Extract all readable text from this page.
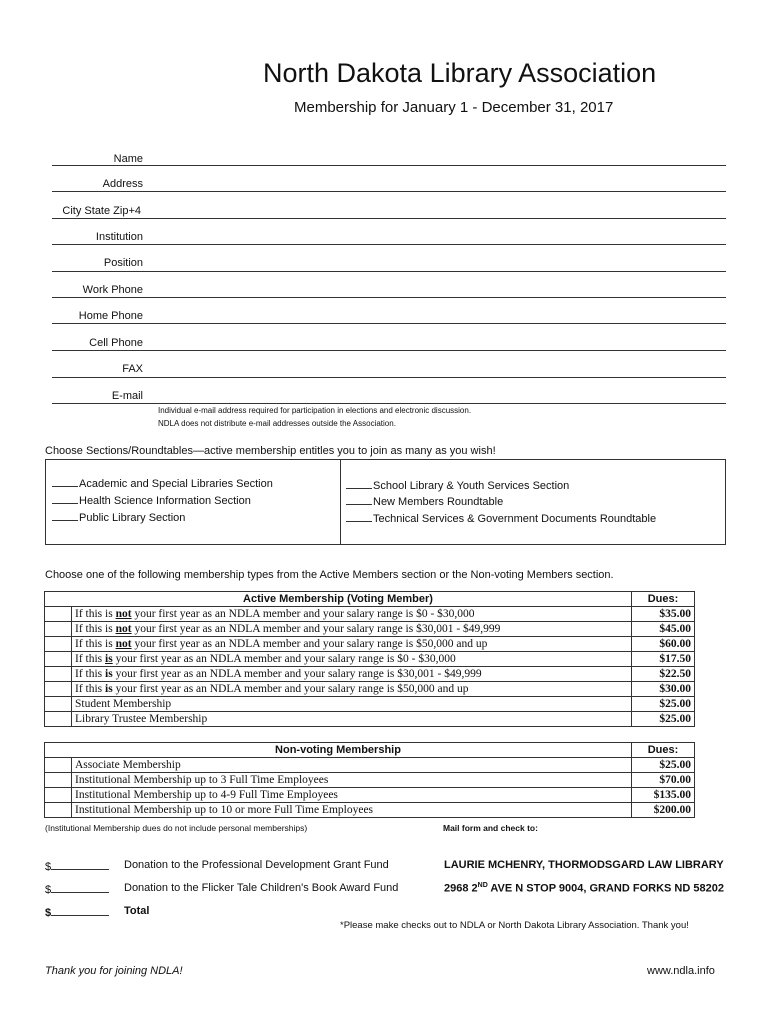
North Dakota Library Association
Membership for January 1 - December 31, 2017
Name
Address
City State Zip+4
Institution
Position
Work Phone
Home Phone
Cell Phone
FAX
E-mail
Individual e-mail address required for participation in elections and electronic discussion.
NDLA does not distribute e-mail addresses outside the Association.
Choose Sections/Roundtables—active membership entitles you to join as many as you wish!
Academic and Special Libraries Section
Health Science Information Section
Public Library Section
School Library & Youth Services Section
New Members Roundtable
Technical Services & Government Documents Roundtable
Choose one of the following membership types from the Active Members section or the Non-voting Members section.
Active Membership (Voting Member)		Dues:
	If this is not your first year as an NDLA member and your salary range is $0 - $30,000	$35.00
	If this is not your first year as an NDLA member and your salary range is $30,001 - $49,999	$45.00
	If this is not your first year as an NDLA member and your salary range is $50,000 and up	$60.00
	If this is your first year as an NDLA member and your salary range is $0 - $30,000	$17.50
	If this is your first year as an NDLA member and your salary range is $30,001 - $49,999	$22.50
	If this is your first year as an NDLA member and your salary range is $50,000 and up	$30.00
	Student Membership	$25.00
	Library Trustee Membership	$25.00
Non-voting Membership		Dues:
	Associate Membership	$25.00
	Institutional Membership up to 3 Full Time Employees	$70.00
	Institutional Membership up to 4-9 Full Time Employees	$135.00
	Institutional Membership up to 10 or more Full Time Employees	$200.00
(Institutional Membership dues do not include personal memberships)	Mail form and check to:
$	Donation to the Professional Development Grant Fund
$	Donation to the Flicker Tale Children's Book Award Fund
$	Total
LAURIE MCHENRY, THORMODSGARD LAW LIBRARY
2968 2ND AVE N STOP 9004, GRAND FORKS ND 58202
*Please make checks out to NDLA or North Dakota Library Association. Thank you!
Thank you for joining NDLA!	www.ndla.info
